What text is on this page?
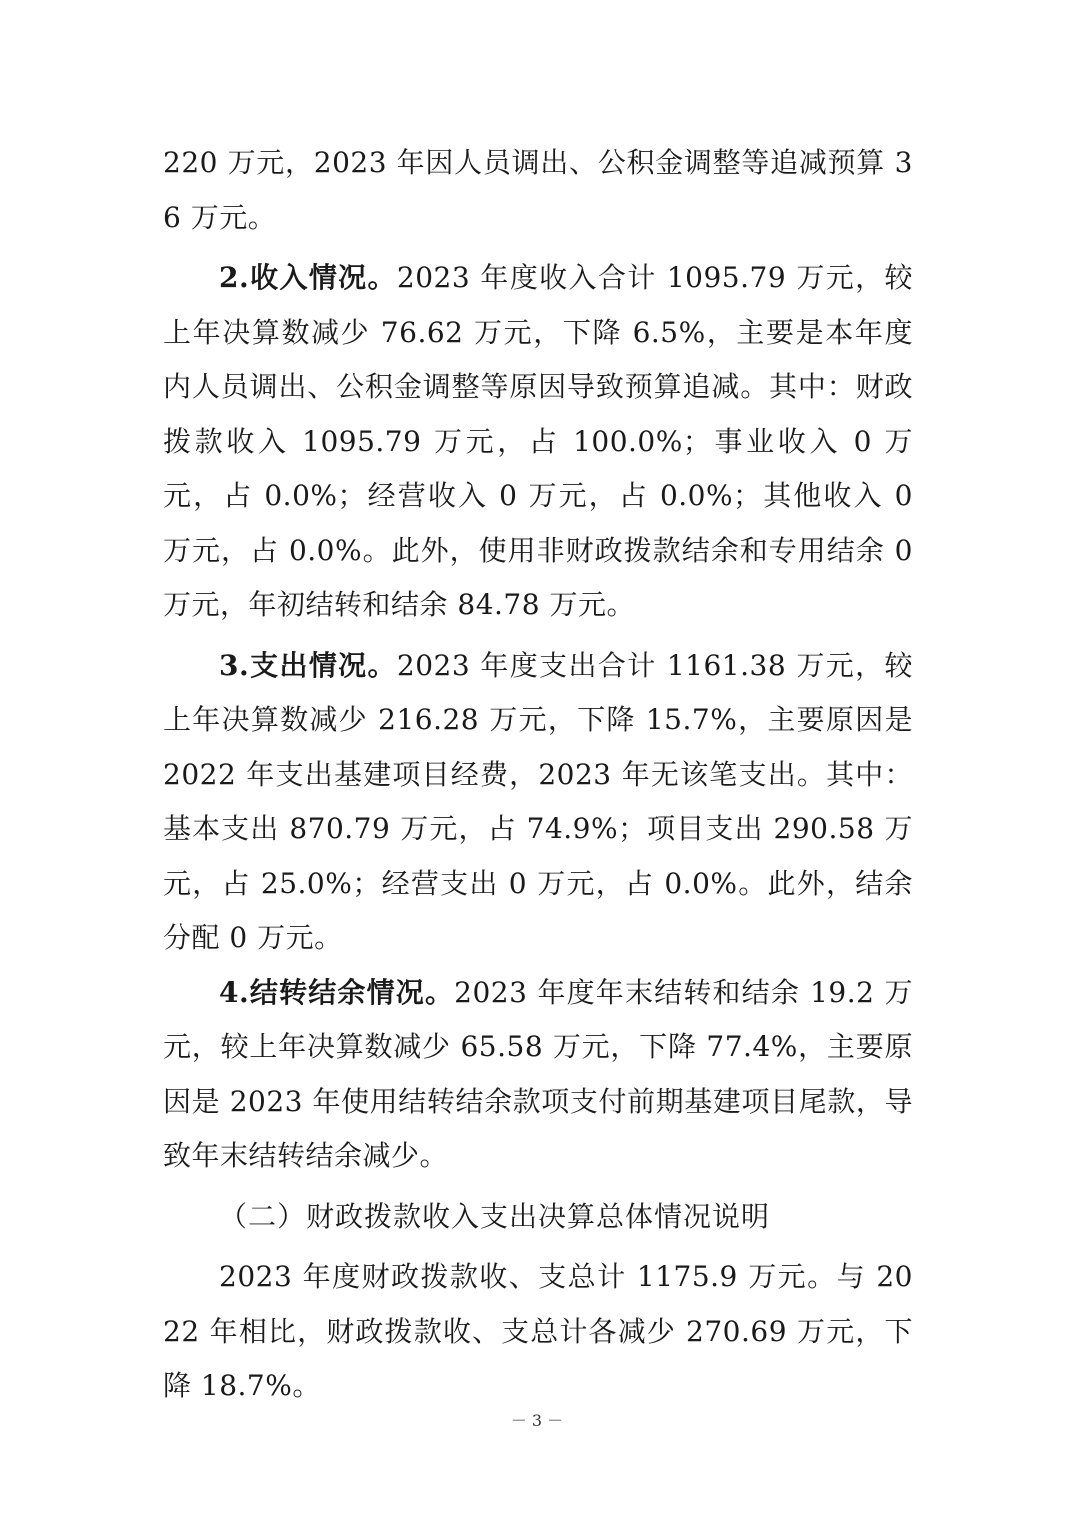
220 万元，2023 年因人员调出、公积金调整等追减预算 36 万元。

2.收入情况。2023 年度收入合计 1095.79 万元，较上年决算数减少 76.62 万元，下降 6.5%，主要是本年度内人员调出、公积金调整等原因导致预算追减。其中：财政拨款收入 1095.79 万元，占 100.0%；事业收入 0 万元，占 0.0%；经营收入 0 万元，占 0.0%；其他收入 0 万元，占 0.0%。此外，使用非财政拨款结余和专用结余 0 万元，年初结转和结余 84.78 万元。

3.支出情况。2023 年度支出合计 1161.38 万元，较上年决算数减少 216.28 万元，下降 15.7%，主要原因是 2022 年支出基建项目经费，2023 年无该笔支出。其中：基本支出 870.79 万元，占 74.9%；项目支出 290.58 万元，占 25.0%；经营支出 0 万元，占 0.0%。此外，结余分配 0 万元。

4.结转结余情况。2023 年度年末结转和结余 19.2 万元，较上年决算数减少 65.58 万元，下降 77.4%，主要原因是 2023 年使用结转结余款项支付前期基建项目尾款，导致年末结转结余减少。

（二）财政拨款收入支出决算总体情况说明

2023 年度财政拨款收、支总计 1175.9 万元。与 2022 年相比，财政拨款收、支总计各减少 270.69 万元，下降 18.7%。

－ 3 －
